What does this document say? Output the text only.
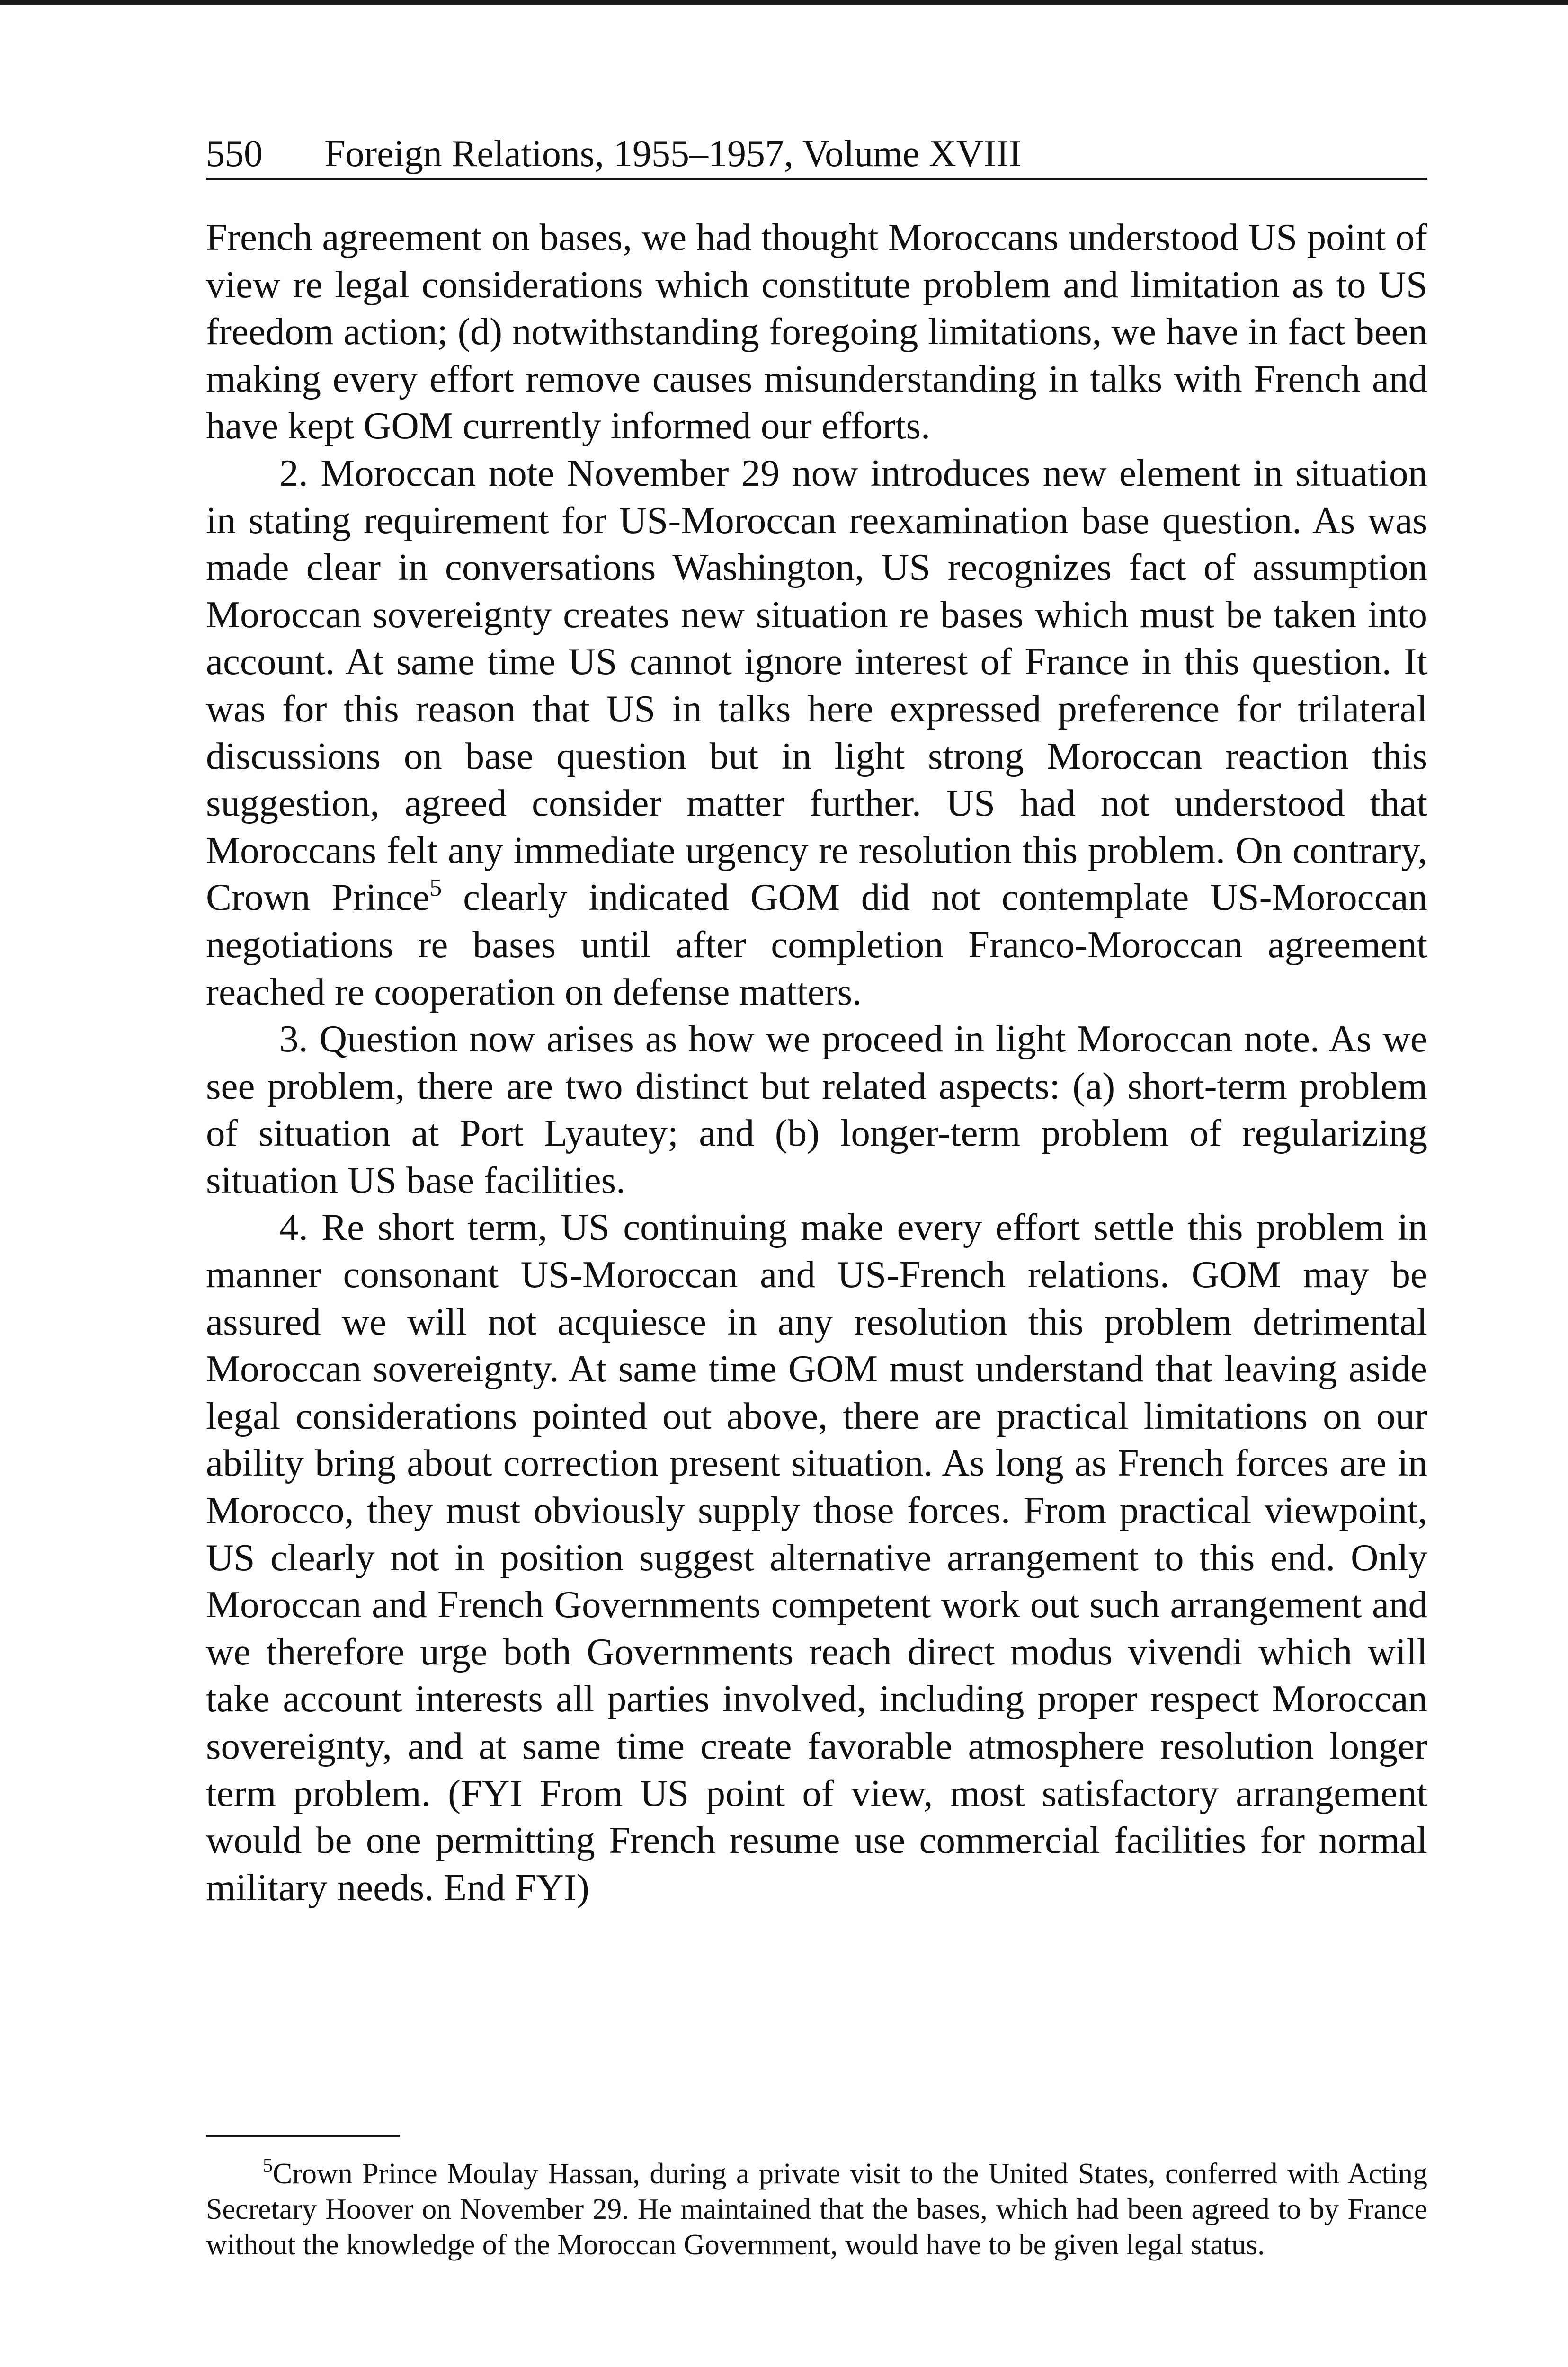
550 Foreign Relations, 1955–1957, Volume XVIII

French agreement on bases, we had thought Moroccans understood US point of view re legal considerations which constitute problem and limitation as to US freedom action; (d) notwithstanding foregoing limitations, we have in fact been making every effort remove causes misunderstanding in talks with French and have kept GOM currently informed our efforts.

2. Moroccan note November 29 now introduces new element in situation in stating requirement for US-Moroccan reexamination base question. As was made clear in conversations Washington, US recognizes fact of assumption Moroccan sovereignty creates new situation re bases which must be taken into account. At same time US cannot ignore interest of France in this question. It was for this reason that US in talks here expressed preference for trilateral discussions on base question but in light strong Moroccan reaction this suggestion, agreed consider matter further. US had not understood that Moroccans felt any immediate urgency re resolution this problem. On contrary, Crown Prince$^5$ clearly indicated GOM did not contemplate US-Moroccan negotiations re bases until after completion Franco-Moroccan agreement reached re cooperation on defense matters.

3. Question now arises as how we proceed in light Moroccan note. As we see problem, there are two distinct but related aspects: (a) short-term problem of situation at Port Lyautey; and (b) longer-term problem of regularizing situation US base facilities.

4. Re short term, US continuing make every effort settle this problem in manner consonant US-Moroccan and US-French relations. GOM may be assured we will not acquiesce in any resolution this problem detrimental Moroccan sovereignty. At same time GOM must understand that leaving aside legal considerations pointed out above, there are practical limitations on our ability bring about correction present situation. As long as French forces are in Morocco, they must obviously supply those forces. From practical viewpoint, US clearly not in position suggest alternative arrangement to this end. Only Moroccan and French Governments competent work out such arrangement and we therefore urge both Governments reach direct modus vivendi which will take account interests all parties involved, including proper respect Moroccan sovereignty, and at same time create favorable atmosphere resolution longer term problem. (FYI From US point of view, most satisfactory arrangement would be one permitting French resume use commercial facilities for normal military needs. End FYI)

$^5$Crown Prince Moulay Hassan, during a private visit to the United States, conferred with Acting Secretary Hoover on November 29. He maintained that the bases, which had been agreed to by France without the knowledge of the Moroccan Government, would have to be given legal status.
